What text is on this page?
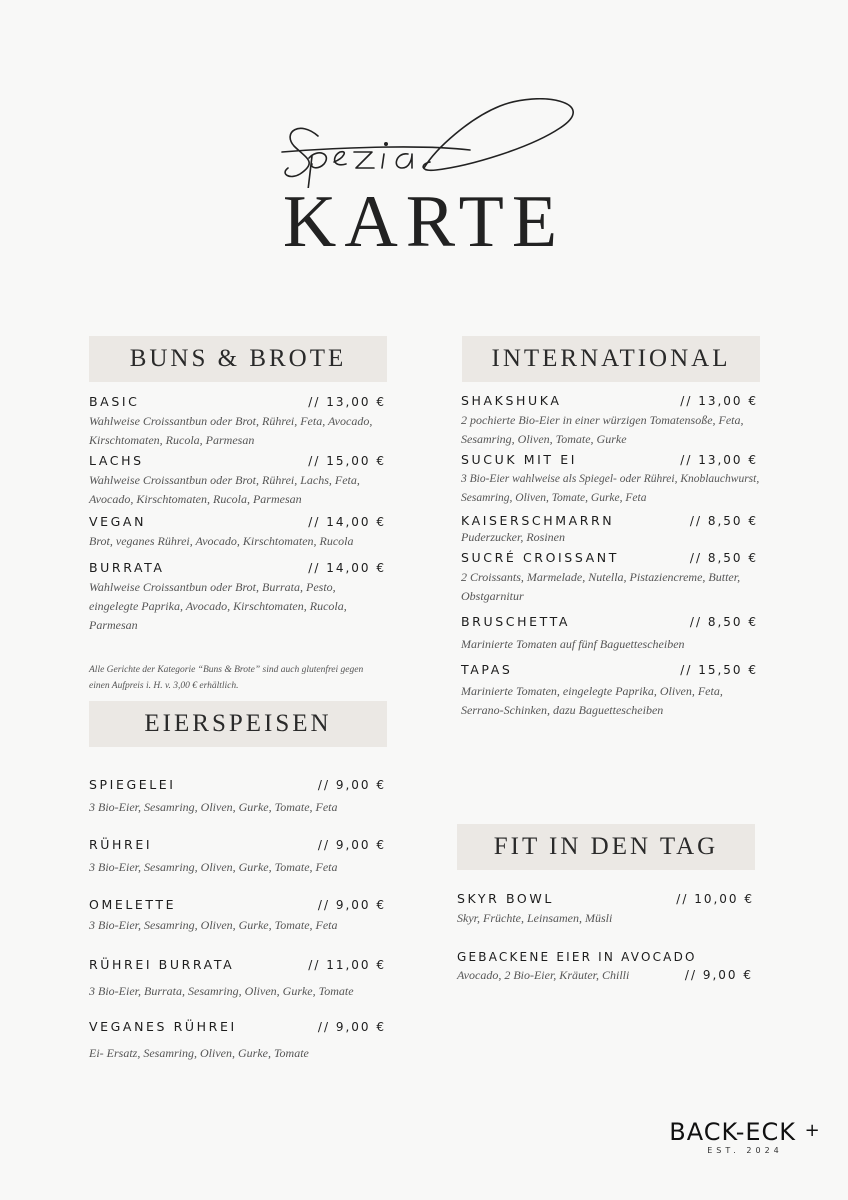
KARTE
BUNS & BROTE
BASIC	// 13,00 €
Wahlweise Croissantbun oder Brot, Rührei, Feta, Avocado, Kirschtomaten, Rucola, Parmesan
LACHS	// 15,00 €
Wahlweise Croissantbun oder Brot, Rührei, Lachs, Feta, Avocado, Kirschtomaten, Rucola, Parmesan
VEGAN	// 14,00 €
Brot, veganes Rührei, Avocado, Kirschtomaten, Rucola
BURRATA	// 14,00 €
Wahlweise Croissantbun oder Brot, Burrata, Pesto, eingelegte Paprika, Avocado, Kirschtomaten, Rucola, Parmesan
Alle Gerichte der Kategorie “Buns & Brote” sind auch glutenfrei gegen einen Aufpreis i. H. v. 3,00 € erhältlich.
EIERSPEISEN
SPIEGELEI	// 9,00 €
3 Bio-Eier, Sesamring, Oliven, Gurke, Tomate, Feta
RÜHREI	// 9,00 €
3 Bio-Eier, Sesamring, Oliven, Gurke, Tomate, Feta
OMELETTE	// 9,00 €
3 Bio-Eier, Sesamring, Oliven, Gurke, Tomate, Feta
RÜHREI BURRATA	// 11,00 €
3 Bio-Eier, Burrata, Sesamring, Oliven, Gurke, Tomate
VEGANES RÜHREI	// 9,00 €
Ei- Ersatz, Sesamring, Oliven, Gurke, Tomate
INTERNATIONAL
SHAKSHUKA	// 13,00 €
2 pochierte Bio-Eier in einer würzigen Tomatensoße, Feta, Sesamring, Oliven, Tomate, Gurke
SUCUK MIT EI	// 13,00 €
3 Bio-Eier wahlweise als Spiegel- oder Rührei, Knoblauchwurst, Sesamring, Oliven, Tomate, Gurke, Feta
KAISERSCHMARRN	// 8,50 €
Puderzucker, Rosinen
SUCRÉ CROISSANT	// 8,50 €
2 Croissants, Marmelade, Nutella, Pistaziencreme, Butter, Obstgarnitur
BRUSCHETTA	// 8,50 €
Marinierte Tomaten auf fünf Baguettescheiben
TAPAS	// 15,50 €
Marinierte Tomaten, eingelegte Paprika, Oliven, Feta, Serrano-Schinken, dazu Baguettescheiben
FIT IN DEN TAG
SKYR BOWL	// 10,00 €
Skyr, Früchte, Leinsamen, Müsli
GEBACKENE EIER IN AVOCADO
Avocado, 2 Bio-Eier, Kräuter, Chilli	// 9,00 €
BACK-ECK +
EST. 2024
